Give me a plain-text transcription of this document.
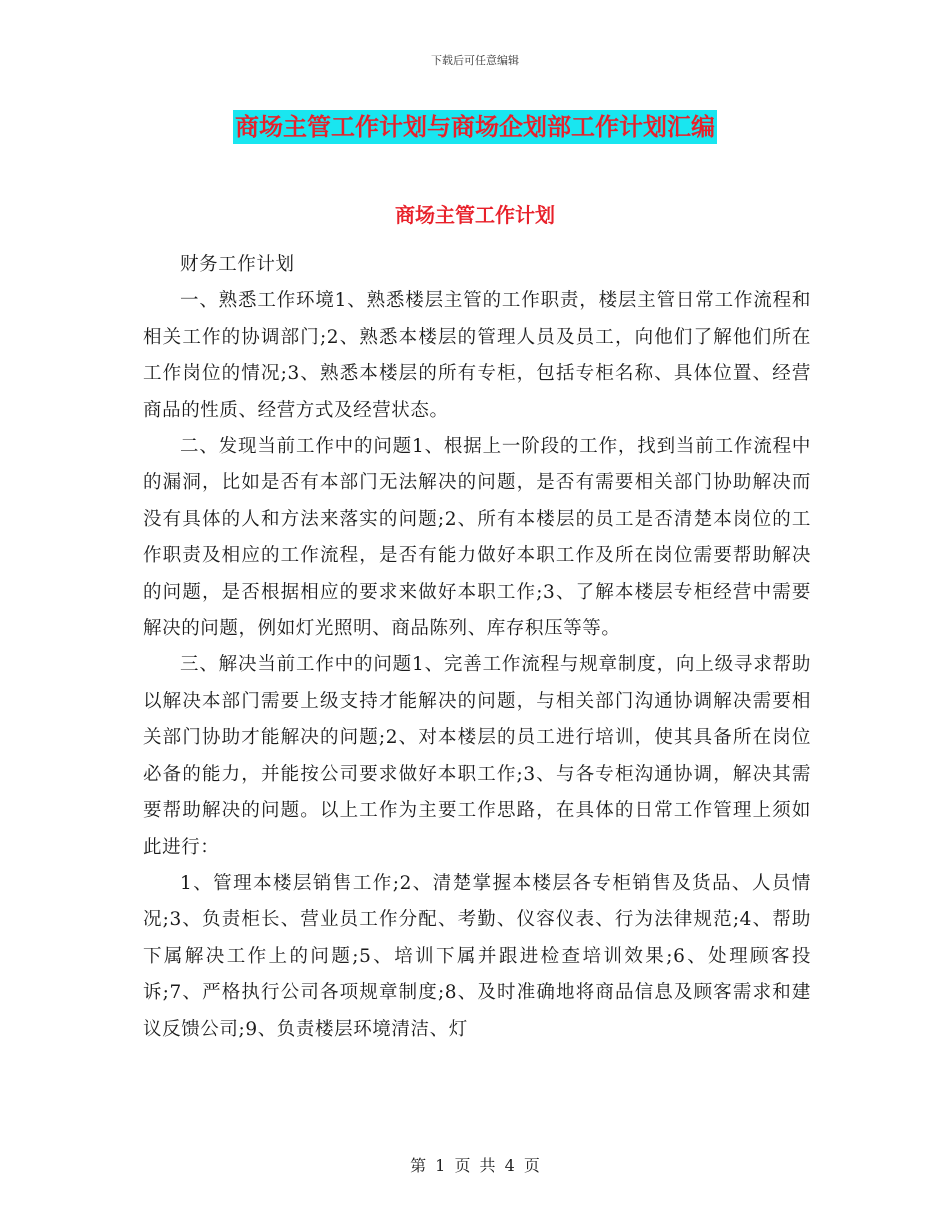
下载后可任意编辑
商场主管工作计划与商场企划部工作计划汇编
商场主管工作计划

财务工作计划

一、熟悉工作环境1、熟悉楼层主管的工作职责，楼层主管日常工作流程和相关工作的协调部门;2、熟悉本楼层的管理人员及员工，向他们了解他们所在工作岗位的情况;3、熟悉本楼层的所有专柜，包括专柜名称、具体位置、经营商品的性质、经营方式及经营状态。

二、发现当前工作中的问题1、根据上一阶段的工作，找到当前工作流程中的漏洞，比如是否有本部门无法解决的问题，是否有需要相关部门协助解决而没有具体的人和方法来落实的问题;2、所有本楼层的员工是否清楚本岗位的工作职责及相应的工作流程，是否有能力做好本职工作及所在岗位需要帮助解决的问题，是否根据相应的要求来做好本职工作;3、了解本楼层专柜经营中需要解决的问题，例如灯光照明、商品陈列、库存积压等等。

三、解决当前工作中的问题1、完善工作流程与规章制度，向上级寻求帮助以解决本部门需要上级支持才能解决的问题，与相关部门沟通协调解决需要相关部门协助才能解决的问题;2、对本楼层的员工进行培训，使其具备所在岗位必备的能力，并能按公司要求做好本职工作;3、与各专柜沟通协调，解决其需要帮助解决的问题。以上工作为主要工作思路，在具体的日常工作管理上须如此进行：

1、管理本楼层销售工作;2、清楚掌握本楼层各专柜销售及货品、人员情况;3、负责柜长、营业员工作分配、考勤、仪容仪表、行为法律规范;4、帮助下属解决工作上的问题;5、培训下属并跟进检查培训效果;6、处理顾客投诉;7、严格执行公司各项规章制度;8、及时准确地将商品信息及顾客需求和建议反馈公司;9、负责楼层环境清洁、灯

第 1 页 共 4 页
